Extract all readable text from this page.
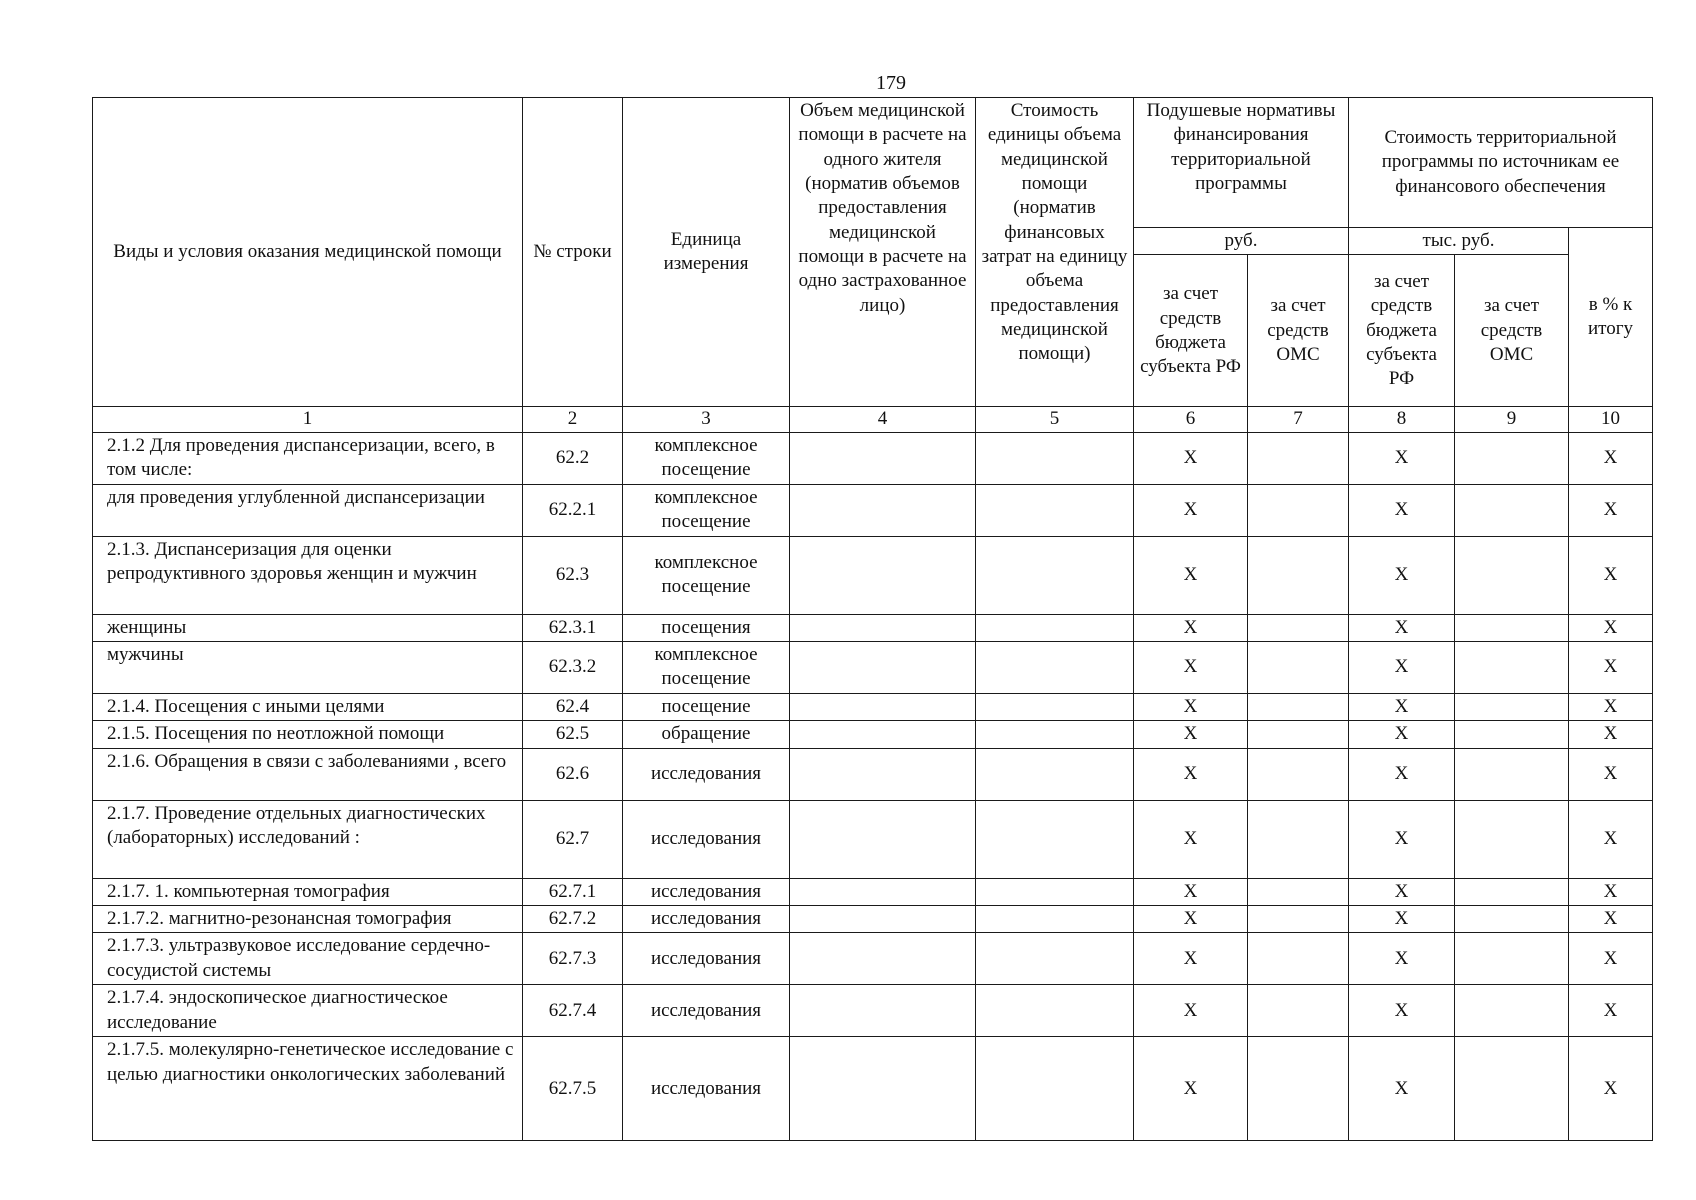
179
Виды и условия оказания медицинской помощи	№ строки	Единица измерения	Объем медицинской помощи в расчете на одного жителя (норматив объемов предоставления медицинской помощи в расчете на одно застрахованное лицо)	Стоимость единицы объема медицинской помощи (норматив финансовых затрат на единицу объема предоставления медицинской помощи)	Подушевые нормативы финансирования территориальной программы		Стоимость территориальной программы по источникам ее финансового обеспечения		
					руб.		тыс. руб.		в % к итогу
					за счет средств бюджета субъекта РФ	за счет средств ОМС	за счет средств бюджета субъекта РФ	за счет средств ОМС	
1	2	3	4	5	6	7	8	9	10
2.1.2 Для проведения диспансеризации, всего, в том числе:	62.2	комплексное посещение			Х		Х		Х
для проведения углубленной диспансеризации	62.2.1	комплексное посещение			Х		Х		Х
2.1.3. Диспансеризация для оценки репродуктивного здоровья женщин и мужчин	62.3	комплексное посещение			Х		Х		Х
женщины	62.3.1	посещения			Х		Х		Х
мужчины	62.3.2	комплексное посещение			Х		Х		Х
2.1.4. Посещения с иными целями	62.4	посещение			Х		Х		Х
2.1.5. Посещения по неотложной помощи	62.5	обращение			Х		Х		Х
2.1.6. Обращения в связи с заболеваниями , всего	62.6	исследования			Х		Х		Х
2.1.7. Проведение отдельных диагностических (лабораторных) исследований :	62.7	исследования			Х		Х		Х
2.1.7. 1. компьютерная томография	62.7.1	исследования			Х		Х		Х
2.1.7.2. магнитно-резонансная томография	62.7.2	исследования			Х		Х		Х
2.1.7.3. ультразвуковое исследование сердечно-сосудистой системы	62.7.3	исследования			Х		Х		Х
2.1.7.4. эндоскопическое диагностическое исследование	62.7.4	исследования			Х		Х		Х
2.1.7.5. молекулярно-генетическое исследование с целью диагностики онкологических заболеваний	62.7.5	исследования			Х		Х		Х
